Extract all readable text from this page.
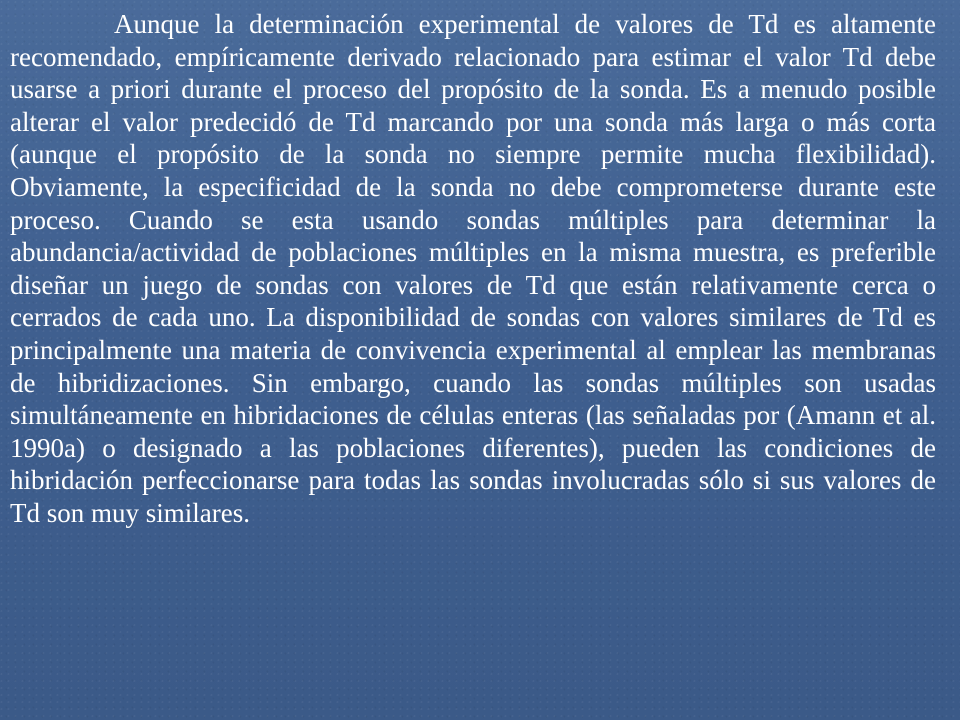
Aunque la determinación experimental de valores de Td es altamente recomendado, empíricamente derivado relacionado para estimar el valor Td debe usarse a priori durante el proceso del propósito de la sonda. Es a menudo posible alterar el valor predecidó de Td marcando por una sonda más larga o más corta (aunque el propósito de la sonda no siempre permite mucha flexibilidad). Obviamente, la especificidad de la sonda no debe comprometerse durante este proceso. Cuando se esta usando sondas múltiples para determinar la abundancia/actividad de poblaciones múltiples en la misma muestra, es preferible diseñar un juego de sondas con valores de Td que están relativamente cerca o cerrados de cada uno. La disponibilidad de sondas con valores similares de Td es principalmente una materia de convivencia experimental al emplear las membranas de hibridizaciones. Sin embargo, cuando las sondas múltiples son usadas simultáneamente en hibridaciones de células enteras (las señaladas por (Amann et al. 1990a) o designado a las poblaciones diferentes), pueden las condiciones de hibridación perfeccionarse para todas las sondas involucradas sólo si sus valores de Td son muy similares.
